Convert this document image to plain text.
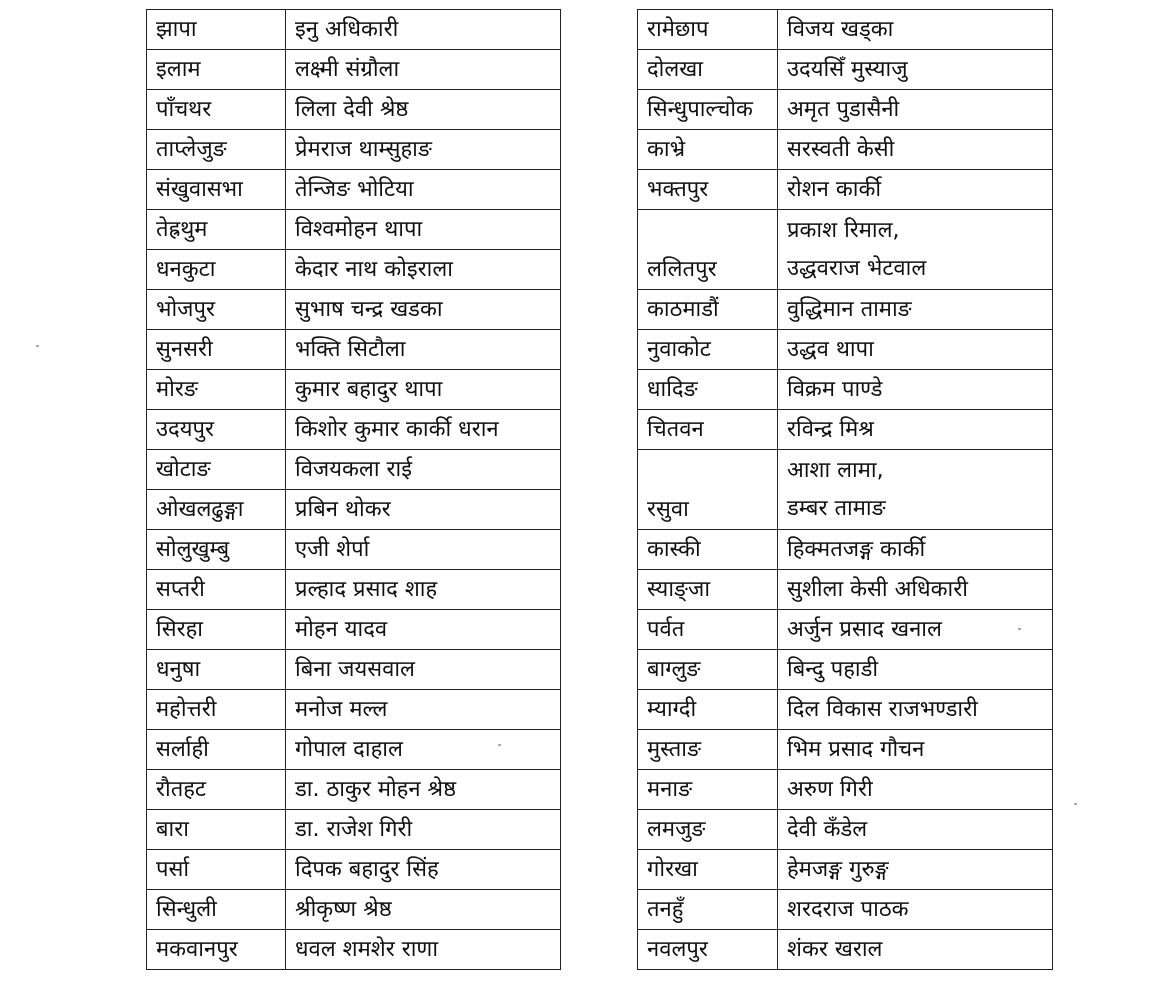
झापा	इनु अधिकारी

इलाम	लक्ष्मी संग्रौला

पाँचथर	लिला देवी श्रेष्ठ

ताप्लेजुङ	प्रेमराज थाम्सुहाङ

संखुवासभा	तेन्जिङ भोटिया

तेह्रथुम	विश्वमोहन थापा

धनकुटा	केदार नाथ कोइराला

भोजपुर	सुभाष चन्द्र खडका

सुनसरी	भक्ति सिटौला

मोरङ	कुमार बहादुर थापा

उदयपुर	किशोर कुमार कार्की धरान

खोटाङ	विजयकला राई

ओखलढुङ्गा	प्रबिन थोकर

सोलुखुम्बु	एजी शेर्पा

सप्तरी	प्रल्हाद प्रसाद शाह

सिरहा	मोहन यादव

धनुषा	बिना जयसवाल

महोत्तरी	मनोज मल्ल

सर्लाही	गोपाल दाहाल

रौतहट	डा. ठाकुर मोहन श्रेष्ठ

बारा	डा. राजेश गिरी

पर्सा	दिपक बहादुर सिंह

सिन्धुली	श्रीकृष्ण श्रेष्ठ

मकवानपुर	धवल शमशेर राणा
रामेछाप	विजय खड्का

दोलखा	उदयसिँ मुस्याजु

सिन्धुपाल्चोक	अमृत पुडासैनी

काभ्रे	सरस्वती केसी

भक्तपुर	रोशन कार्की

ललितपुर	प्रकाश रिमाल,
उद्धवराज भेटवाल

काठमाडौं	वुद्धिमान तामाङ

नुवाकोट	उद्धव थापा

धादिङ	विक्रम पाण्डे

चितवन	रविन्द्र मिश्र

रसुवा	आशा लामा,
डम्बर तामाङ

कास्की	हिक्मतजङ्ग कार्की

स्याङ्जा	सुशीला केसी अधिकारी

पर्वत	अर्जुन प्रसाद खनाल

बाग्लुङ	बिन्दु पहाडी

म्याग्दी	दिल विकास राजभण्डारी

मुस्ताङ	भिम प्रसाद गौचन

मनाङ	अरुण गिरी

लमजुङ	देवी कँडेल

गोरखा	हेमजङ्ग गुरुङ्ग

तनहुँ	शरदराज पाठक

नवलपुर	शंकर खराल
